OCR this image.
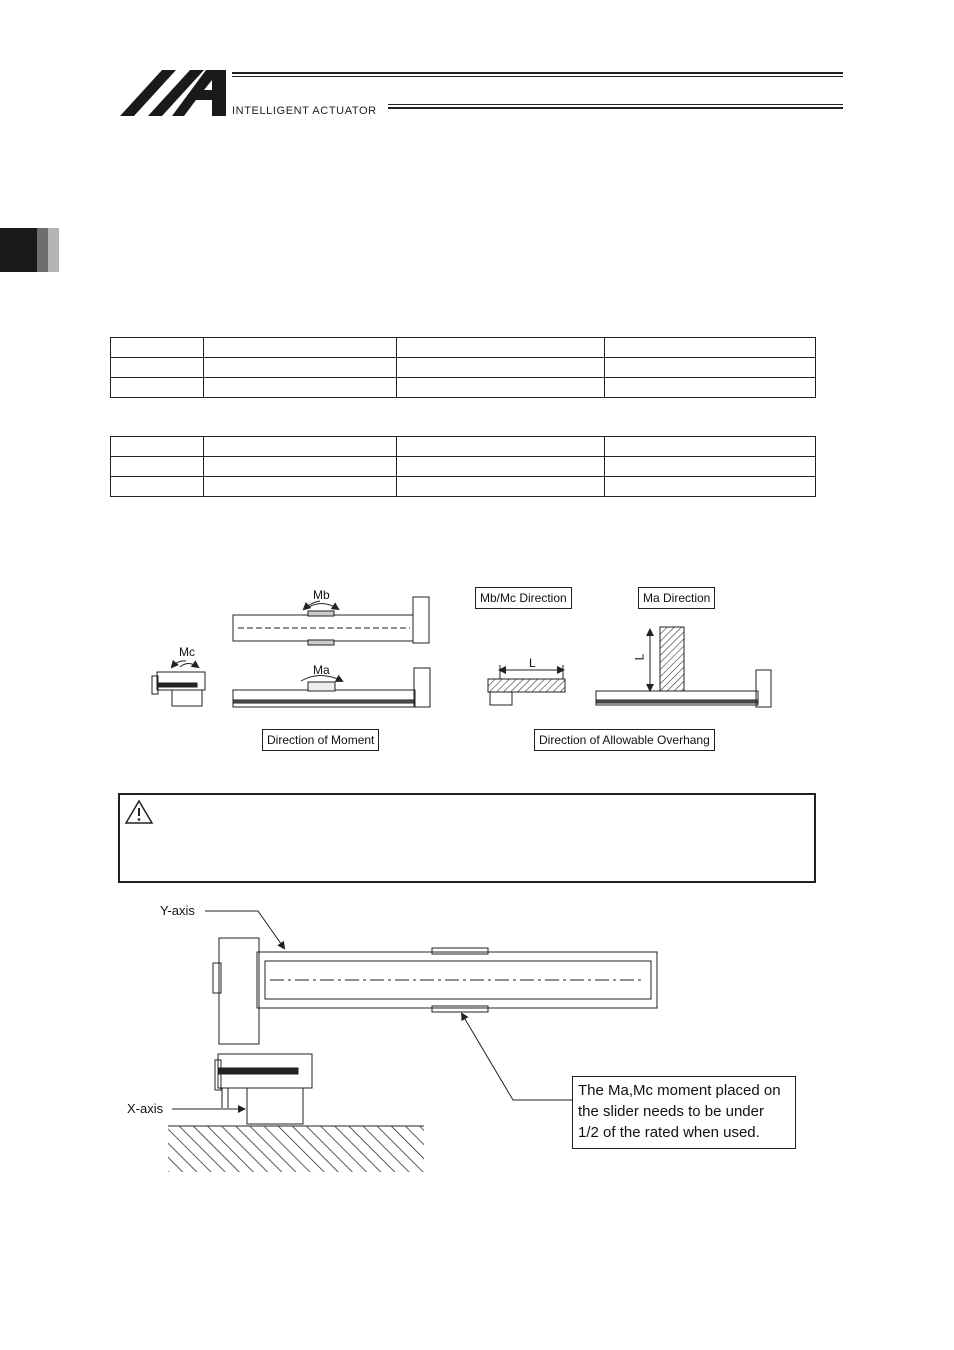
INTELLIGENT ACTUATOR

Mb
Mc
Ma	L	L
Mb/Mc Direction	Ma Direction
Direction of Moment	Direction of Allowable Overhang
Y-axis
X-axis
The Ma,Mc moment placed on
the slider needs to be under
1/2 of the rated when used.
